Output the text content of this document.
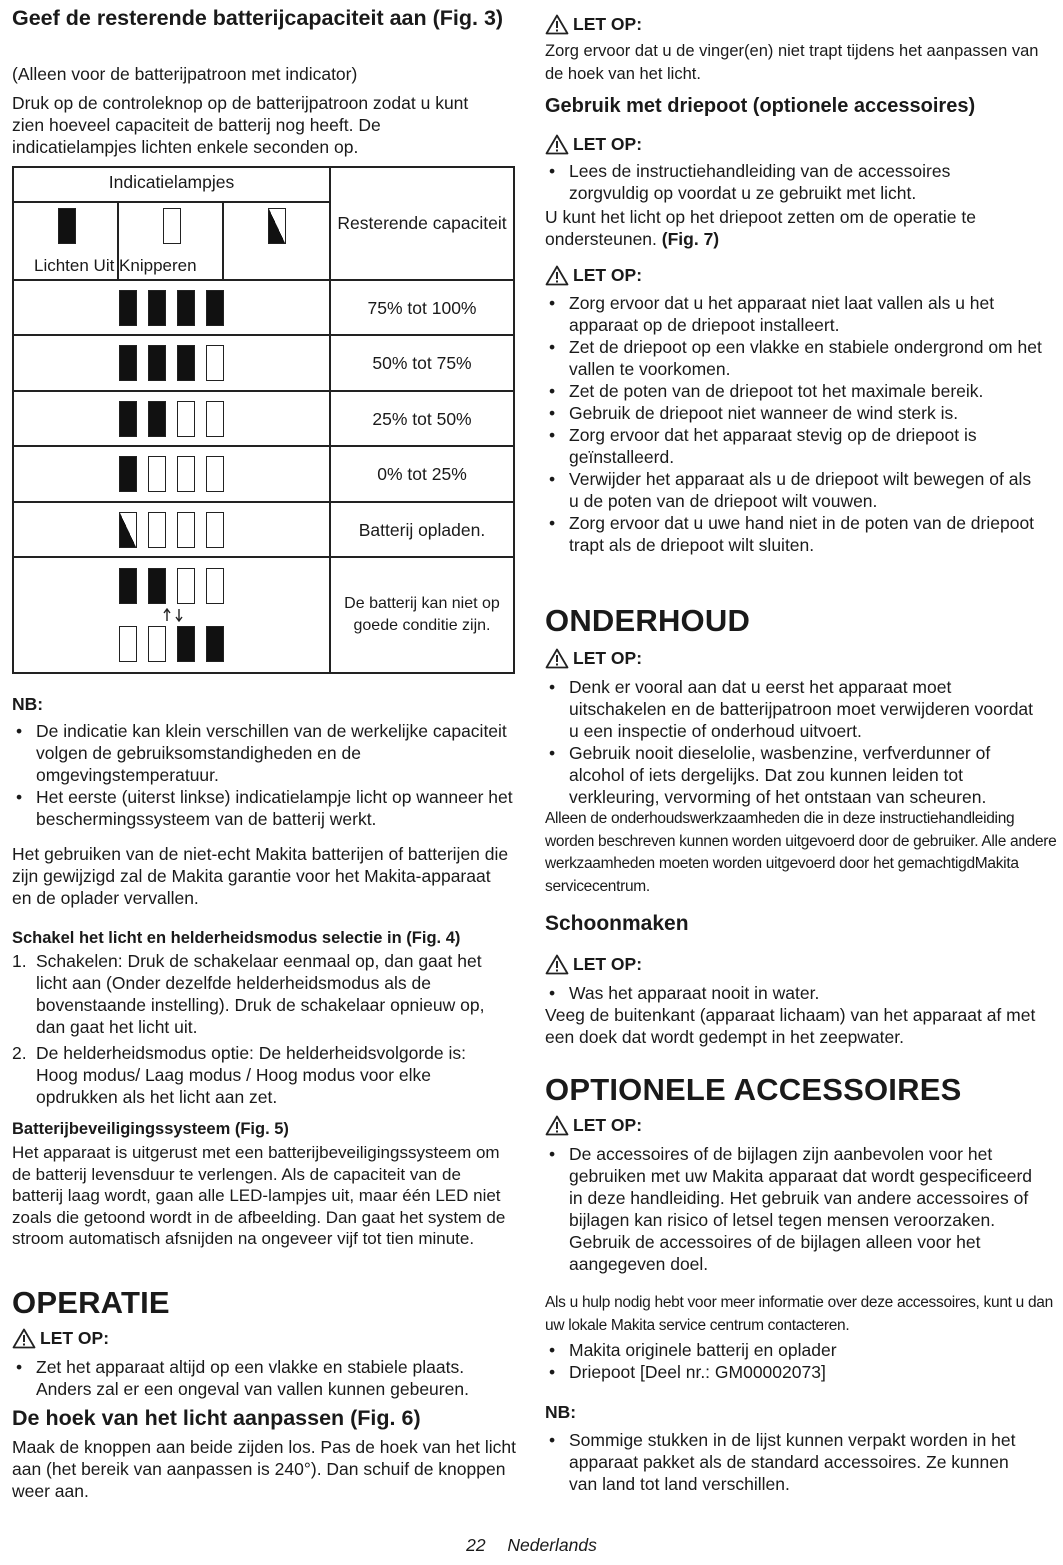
Geef de resterende batterijcapaciteit aan (Fig. 3)

(Alleen voor de batterijpatroon met indicator)

Druk op de controleknop op de batterijpatroon zodat u kunt zien hoeveel capaciteit de batterij nog heeft. De indicatielampjes lichten enkele seconden op.

Indicatielampjes
Lichten Uit Knipperen
Resterende capaciteit
75% tot 100%
50% tot 75%
25% tot 50%
0% tot 25%
Batterij opladen.
De batterij kan niet op goede conditie zijn.

NB:

• De indicatie kan klein verschillen van de werkelijke capaciteit volgen de gebruiksomstandigheden en de omgevingstemperatuur.
• Het eerste (uiterst linkse) indicatielampje licht op wanneer het beschermingssysteem van de batterij werkt.

Het gebruiken van de niet-echt Makita batterijen of batterijen die zijn gewijzigd zal de Makita garantie voor het Makita-apparaat en de oplader vervallen.

Schakel het licht en helderheidsmodus selectie in (Fig. 4)
1. Schakelen: Druk de schakelaar eenmaal op, dan gaat het licht aan (Onder dezelfde helderheidsmodus als de bovenstaande instelling). Druk de schakelaar opnieuw op, dan gaat het licht uit.
2. De helderheidsmodus optie: De helderheidsvolgorde is: Hoog modus/ Laag modus / Hoog modus voor elke opdrukken als het licht aan zet.
Batterijbeveiligingssysteem (Fig. 5)

Het apparaat is uitgerust met een batterijbeveiligingssysteem om de batterij levensduur te verlengen. Als de capaciteit van de batterij laag wordt, gaan alle LED-lampjes uit, maar één LED niet zoals die getoond wordt in de afbeelding. Dan gaat het system de stroom automatisch afsnijden na ongeveer vijf tot tien minute.

OPERATIE
LET OP:
• Zet het apparaat altijd op een vlakke en stabiele plaats. Anders zal er een ongeval van vallen kunnen gebeuren.
De hoek van het licht aanpassen (Fig. 6)

Maak de knoppen aan beide zijden los. Pas de hoek van het licht aan (het bereik van aanpassen is 240°). Dan schuif de knoppen weer aan.

LET OP:

Zorg ervoor dat u de vinger(en) niet trapt tijdens het aanpassen van de hoek van het licht.

Gebruik met driepoot (optionele accessoires)
LET OP:
• Lees de instructiehandleiding van de accessoires zorgvuldig op voordat u ze gebruikt met licht.

U kunt het licht op het driepoot zetten om de operatie te ondersteunen. (Fig. 7)

LET OP:
• Zorg ervoor dat u het apparaat niet laat vallen als u het apparaat op de driepoot installeert.
• Zet de driepoot op een vlakke en stabiele ondergrond om het vallen te voorkomen.
• Zet de poten van de driepoot tot het maximale bereik.
• Gebruik de driepoot niet wanneer de wind sterk is.
• Zorg ervoor dat het apparaat stevig op de driepoot is geïnstalleerd.
• Verwijder het apparaat als u de driepoot wilt bewegen of als u de poten van de driepoot wilt vouwen.
• Zorg ervoor dat u uwe hand niet in de poten van de driepoot trapt als de driepoot wilt sluiten.
ONDERHOUD
LET OP:
• Denk er vooral aan dat u eerst het apparaat moet uitschakelen en de batterijpatroon moet verwijderen voordat u een inspectie of onderhoud uitvoert.
• Gebruik nooit dieselolie, wasbenzine, verfverdunner of alcohol of iets dergelijks. Dat zou kunnen leiden tot verkleuring, vervorming of het ontstaan van scheuren.

Alleen de onderhoudswerkzaamheden die in deze instructiehandleiding worden beschreven kunnen worden uitgevoerd door de gebruiker. Alle andere werkzaamheden moeten worden uitgevoerd door het gemachtigdMakita servicecentrum.

Schoonmaken
LET OP:
• Was het apparaat nooit in water.

Veeg de buitenkant (apparaat lichaam) van het apparaat af met een doek dat wordt gedempt in het zeepwater.

OPTIONELE ACCESSOIRES
LET OP:
• De accessoires of de bijlagen zijn aanbevolen voor het gebruiken met uw Makita apparaat dat wordt gespecificeerd in deze handleiding. Het gebruik van andere accessoires of bijlagen kan risico of letsel tegen mensen veroorzaken. Gebruik de accessoires of de bijlagen alleen voor het aangegeven doel.

Als u hulp nodig hebt voor meer informatie over deze accessoires, kunt u dan uw lokale Makita service centrum contacteren.

• Makita originele batterij en oplader
• Driepoot [Deel nr.: GM00002073]

NB:

• Sommige stukken in de lijst kunnen verpakt worden in het apparaat pakket als de standard accessoires. Ze kunnen van land tot land verschillen.
22 Nederlands
